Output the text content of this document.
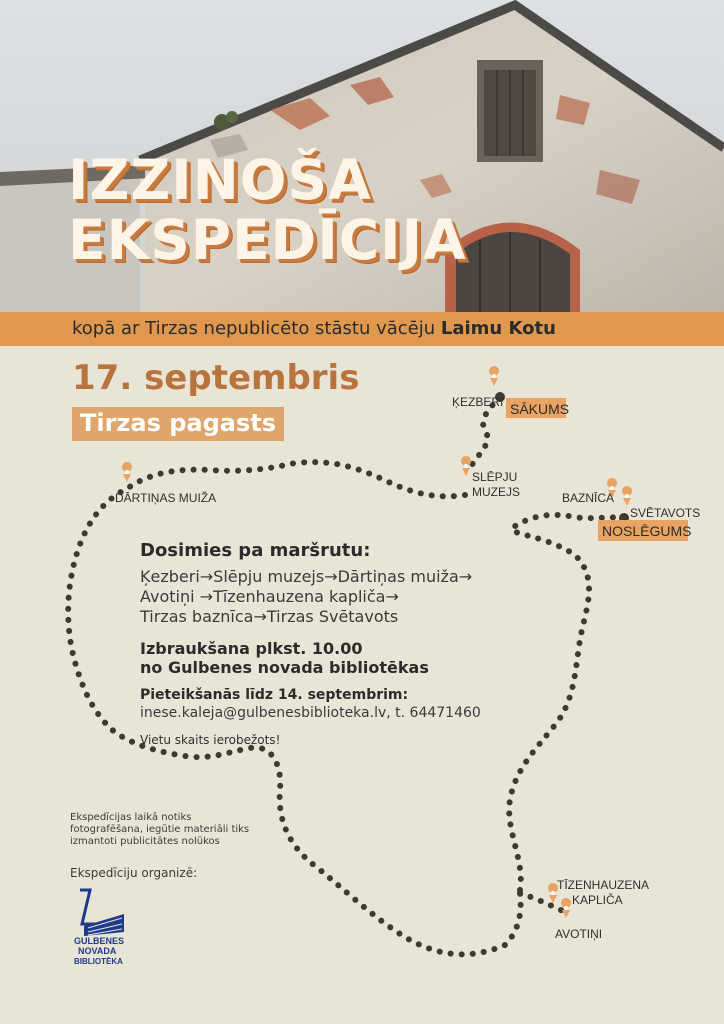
IZZINOŠA
EKSPEDĪCIJA
kopā ar Tirzas nepublicēto stāstu vācēju Laimu Kotu
17. septembris
Tirzas pagasts
ĶEZBERI SĀKUMS
SLĒPJU
MUZEJS
DĀRTIŅAS MUIŽA	BAZNĪCA
SVĒTAVOTS
NOSLĒGUMS
TĪZENHAUZENA
KAPLIČA
AVOTIŅI
Dosimies pa maršrutu:

Ķezberi→Slēpju muzejs→Dārtiņas muiža→

Avotiņi →Tīzenhauzena kapliča→

Tirzas baznīca→Tirzas Svētavots

Izbraukšana plkst. 10.00
no Gulbenes novada bibliotēkas
Pieteikšanās līdz 14. septembrim:
inese.kaleja@gulbenesbiblioteka.lv, t. 64471460
Vietu skaits ierobežots!
Ekspedīcijas laikā notiks fotografēšana, iegūtie materiāli tiks izmantoti publicitātes nolūkos
Ekspedīciju organizē:
GULBENES
NOVADA
BIBLIOTĒKA
